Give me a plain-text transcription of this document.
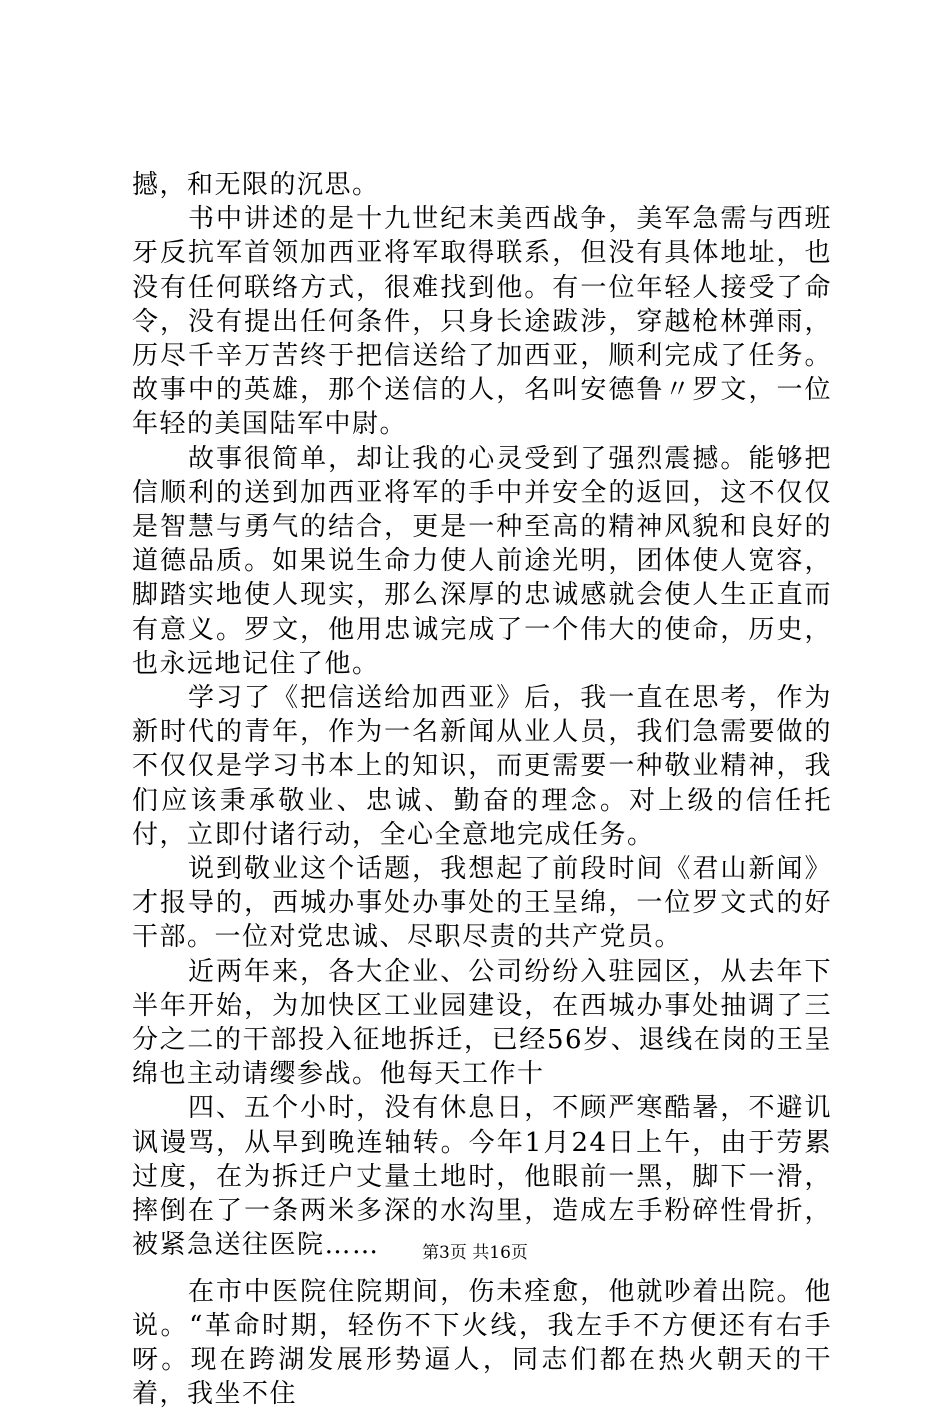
撼，和无限的沉思。

书中讲述的是十九世纪末美西战争，美军急需与西班牙反抗军首领加西亚将军取得联系，但没有具体地址，也没有任何联络方式，很难找到他。有一位年轻人接受了命令，没有提出任何条件，只身长途跋涉，穿越枪林弹雨，历尽千辛万苦终于把信送给了加西亚，顺利完成了任务。故事中的英雄，那个送信的人，名叫安德鲁〃罗文，一位年轻的美国陆军中尉。

故事很简单，却让我的心灵受到了强烈震撼。能够把信顺利的送到加西亚将军的手中并安全的返回，这不仅仅是智慧与勇气的结合，更是一种至高的精神风貌和良好的道德品质。如果说生命力使人前途光明，团体使人宽容，脚踏实地使人现实，那么深厚的忠诚感就会使人生正直而有意义。罗文，他用忠诚完成了一个伟大的使命，历史，也永远地记住了他。

学习了《把信送给加西亚》后，我一直在思考，作为新时代的青年，作为一名新闻从业人员，我们急需要做的不仅仅是学习书本上的知识，而更需要一种敬业精神，我们应该秉承敬业、忠诚、勤奋的理念。对上级的信任托付，立即付诸行动，全心全意地完成任务。

说到敬业这个话题，我想起了前段时间《君山新闻》才报导的，西城办事处办事处的王呈绵，一位罗文式的好干部。一位对党忠诚、尽职尽责的共产党员。

近两年来，各大企业、公司纷纷入驻园区，从去年下半年开始，为加快区工业园建设，在西城办事处抽调了三分之二的干部投入征地拆迁，已经56岁、退线在岗的王呈绵也主动请缨参战。他每天工作十

四、五个小时，没有休息日，不顾严寒酷暑，不避讥讽谩骂，从早到晚连轴转。今年1月24日上午，由于劳累过度，在为拆迁户丈量土地时，他眼前一黑，脚下一滑，摔倒在了一条两米多深的水沟里，造成左手粉碎性骨折，被紧急送往医院……

在市中医院住院期间，伤未痊愈，他就吵着出院。他说。“革命时期，轻伤不下火线，我左手不方便还有右手呀。现在跨湖发展形势逼人，同志们都在热火朝天的干着，我坐不住

第3页 共16页
